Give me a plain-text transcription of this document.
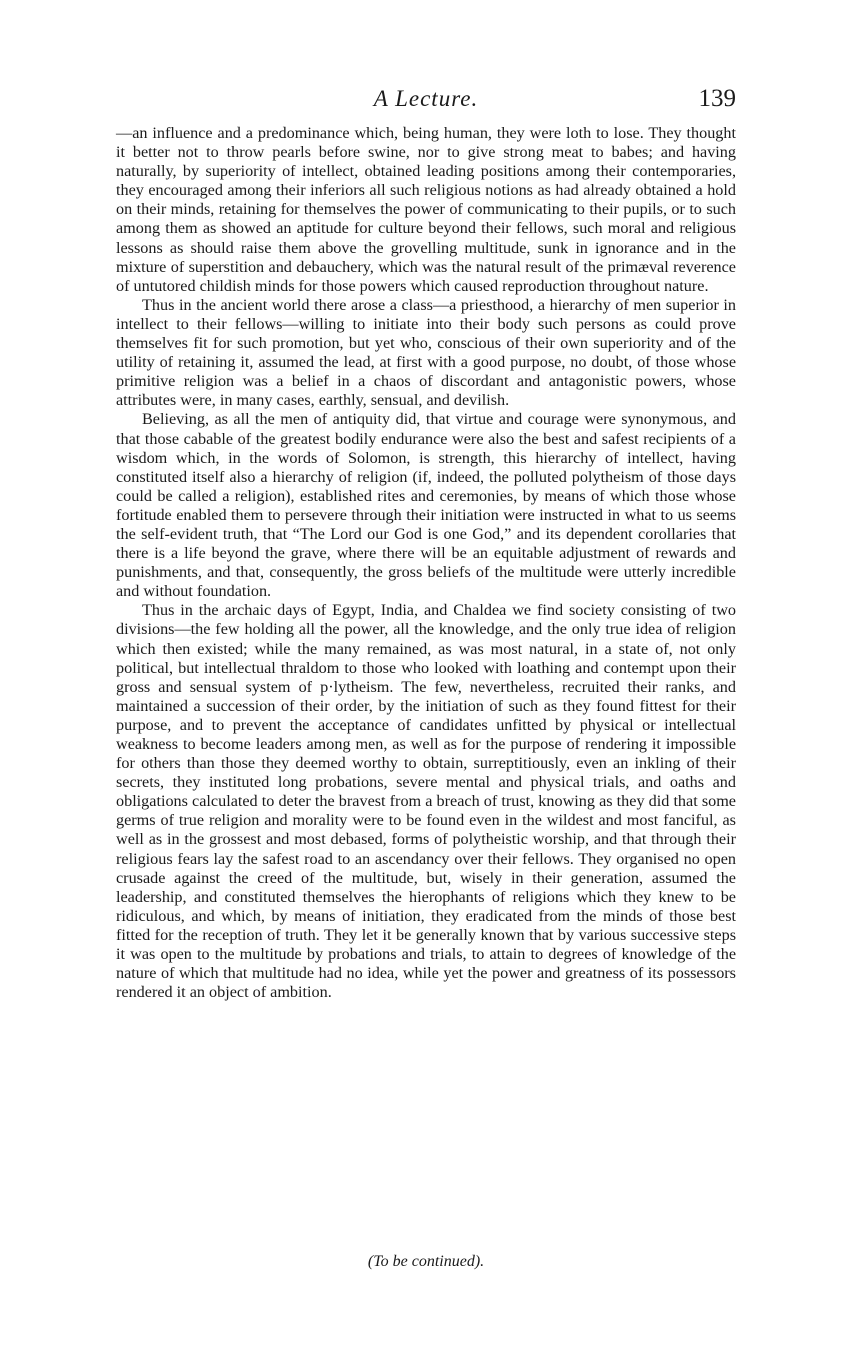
A Lecture.	139

—an influence and a predominance which, being human, they were loth to lose. They thought it better not to throw pearls before swine, nor to give strong meat to babes; and having naturally, by superiority of intellect, obtained leading positions among their contemporaries, they encouraged among their inferiors all such religious notions as had already obtained a hold on their minds, retaining for themselves the power of communicating to their pupils, or to such among them as showed an aptitude for culture beyond their fellows, such moral and religious lessons as should raise them above the grovelling multitude, sunk in ignorance and in the mixture of superstition and debauchery, which was the natural result of the primæval reverence of untutored childish minds for those powers which caused reproduction throughout nature.

Thus in the ancient world there arose a class—a priesthood, a hierarchy of men superior in intellect to their fellows—willing to initiate into their body such persons as could prove themselves fit for such promotion, but yet who, conscious of their own superiority and of the utility of retaining it, assumed the lead, at first with a good purpose, no doubt, of those whose primitive religion was a belief in a chaos of discordant and antagonistic powers, whose attributes were, in many cases, earthly, sensual, and devilish.

Believing, as all the men of antiquity did, that virtue and courage were synonymous, and that those cabable of the greatest bodily endurance were also the best and safest recipients of a wisdom which, in the words of Solomon, is strength, this hierarchy of intellect, having constituted itself also a hierarchy of religion (if, indeed, the polluted polytheism of those days could be called a religion), established rites and ceremonies, by means of which those whose fortitude enabled them to persevere through their initiation were instructed in what to us seems the self-evident truth, that “The Lord our God is one God,” and its dependent corollaries that there is a life beyond the grave, where there will be an equitable adjustment of rewards and punishments, and that, consequently, the gross beliefs of the multitude were utterly incredible and without foundation.

Thus in the archaic days of Egypt, India, and Chaldea we find society consisting of two divisions—the few holding all the power, all the knowledge, and the only true idea of religion which then existed; while the many remained, as was most natural, in a state of, not only political, but intellectual thraldom to those who looked with loathing and contempt upon their gross and sensual system of p·lytheism. The few, nevertheless, recruited their ranks, and maintained a succession of their order, by the initiation of such as they found fittest for their purpose, and to prevent the acceptance of candidates unfitted by physical or intellectual weakness to become leaders among men, as well as for the purpose of rendering it impossible for others than those they deemed worthy to obtain, surreptitiously, even an inkling of their secrets, they instituted long probations, severe mental and physical trials, and oaths and obligations calculated to deter the bravest from a breach of trust, knowing as they did that some germs of true religion and morality were to be found even in the wildest and most fanciful, as well as in the grossest and most debased, forms of polytheistic worship, and that through their religious fears lay the safest road to an ascendancy over their fellows. They organised no open crusade against the creed of the multitude, but, wisely in their generation, assumed the leadership, and constituted themselves the hierophants of religions which they knew to be ridiculous, and which, by means of initiation, they eradicated from the minds of those best fitted for the reception of truth. They let it be generally known that by various successive steps it was open to the multitude by probations and trials, to attain to degrees of knowledge of the nature of which that multitude had no idea, while yet the power and greatness of its possessors rendered it an object of ambition.

(To be continued).
